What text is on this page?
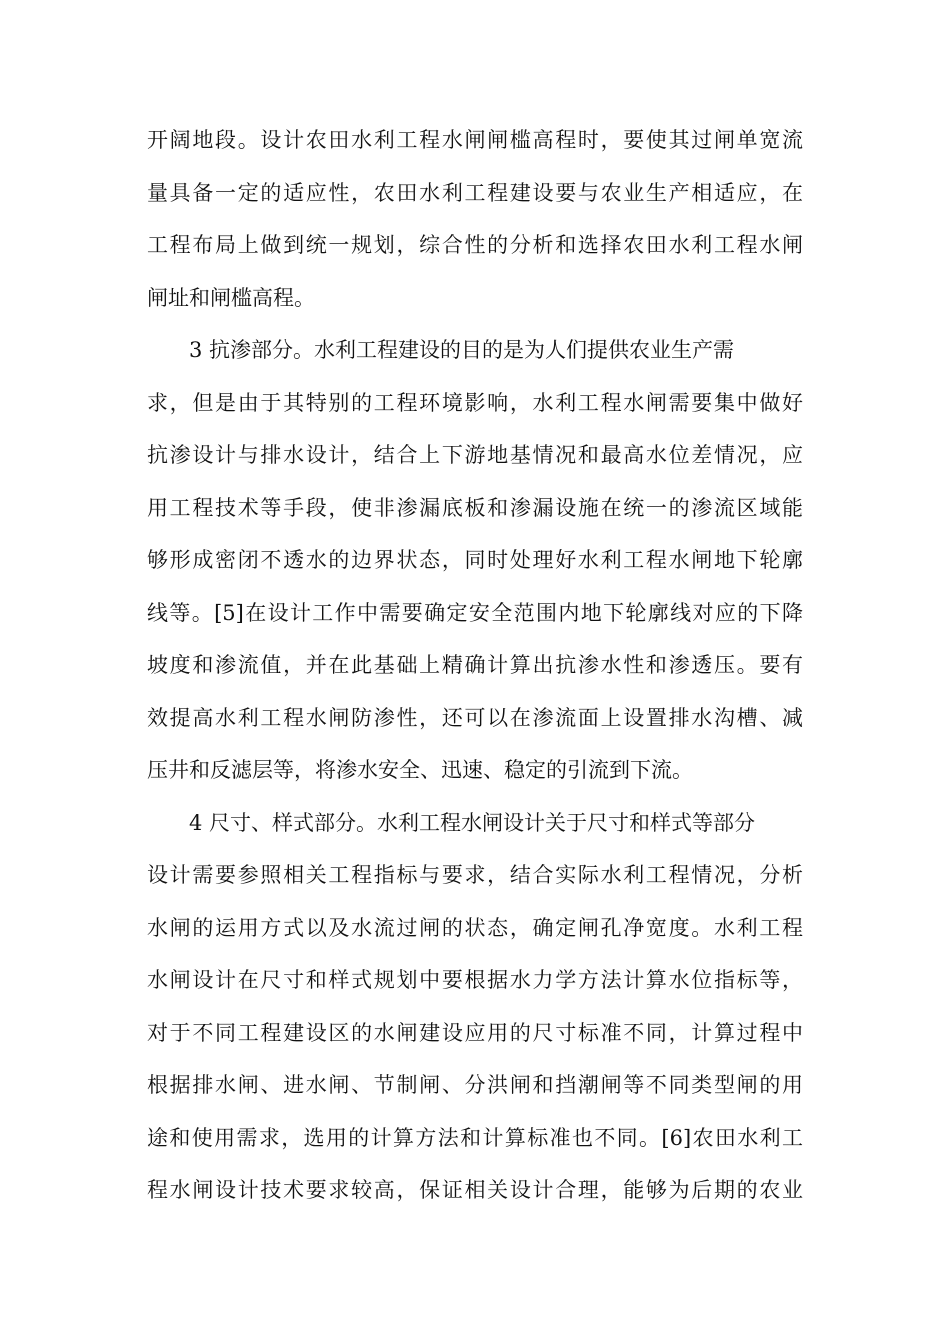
开阔地段。设计农田水利工程水闸闸槛高程时，要使其过闸单宽流
量具备一定的适应性，农田水利工程建设要与农业生产相适应，在
工程布局上做到统一规划，综合性的分析和选择农田水利工程水闸
闸址和闸槛高程。
3 抗渗部分。水利工程建设的目的是为人们提供农业生产需
求，但是由于其特别的工程环境影响，水利工程水闸需要集中做好
抗渗设计与排水设计，结合上下游地基情况和最高水位差情况，应
用工程技术等手段，使非渗漏底板和渗漏设施在统一的渗流区域能
够形成密闭不透水的边界状态，同时处理好水利工程水闸地下轮廓
线等。[5]在设计工作中需要确定安全范围内地下轮廓线对应的下降
坡度和渗流值，并在此基础上精确计算出抗渗水性和渗透压。要有
效提高水利工程水闸防渗性，还可以在渗流面上设置排水沟槽、减
压井和反滤层等，将渗水安全、迅速、稳定的引流到下流。
4 尺寸、样式部分。水利工程水闸设计关于尺寸和样式等部分
设计需要参照相关工程指标与要求，结合实际水利工程情况，分析
水闸的运用方式以及水流过闸的状态，确定闸孔净宽度。水利工程
水闸设计在尺寸和样式规划中要根据水力学方法计算水位指标等，
对于不同工程建设区的水闸建设应用的尺寸标准不同，计算过程中
根据排水闸、进水闸、节制闸、分洪闸和挡潮闸等不同类型闸的用
途和使用需求，选用的计算方法和计算标准也不同。[6]农田水利工
程水闸设计技术要求较高，保证相关设计合理，能够为后期的农业
